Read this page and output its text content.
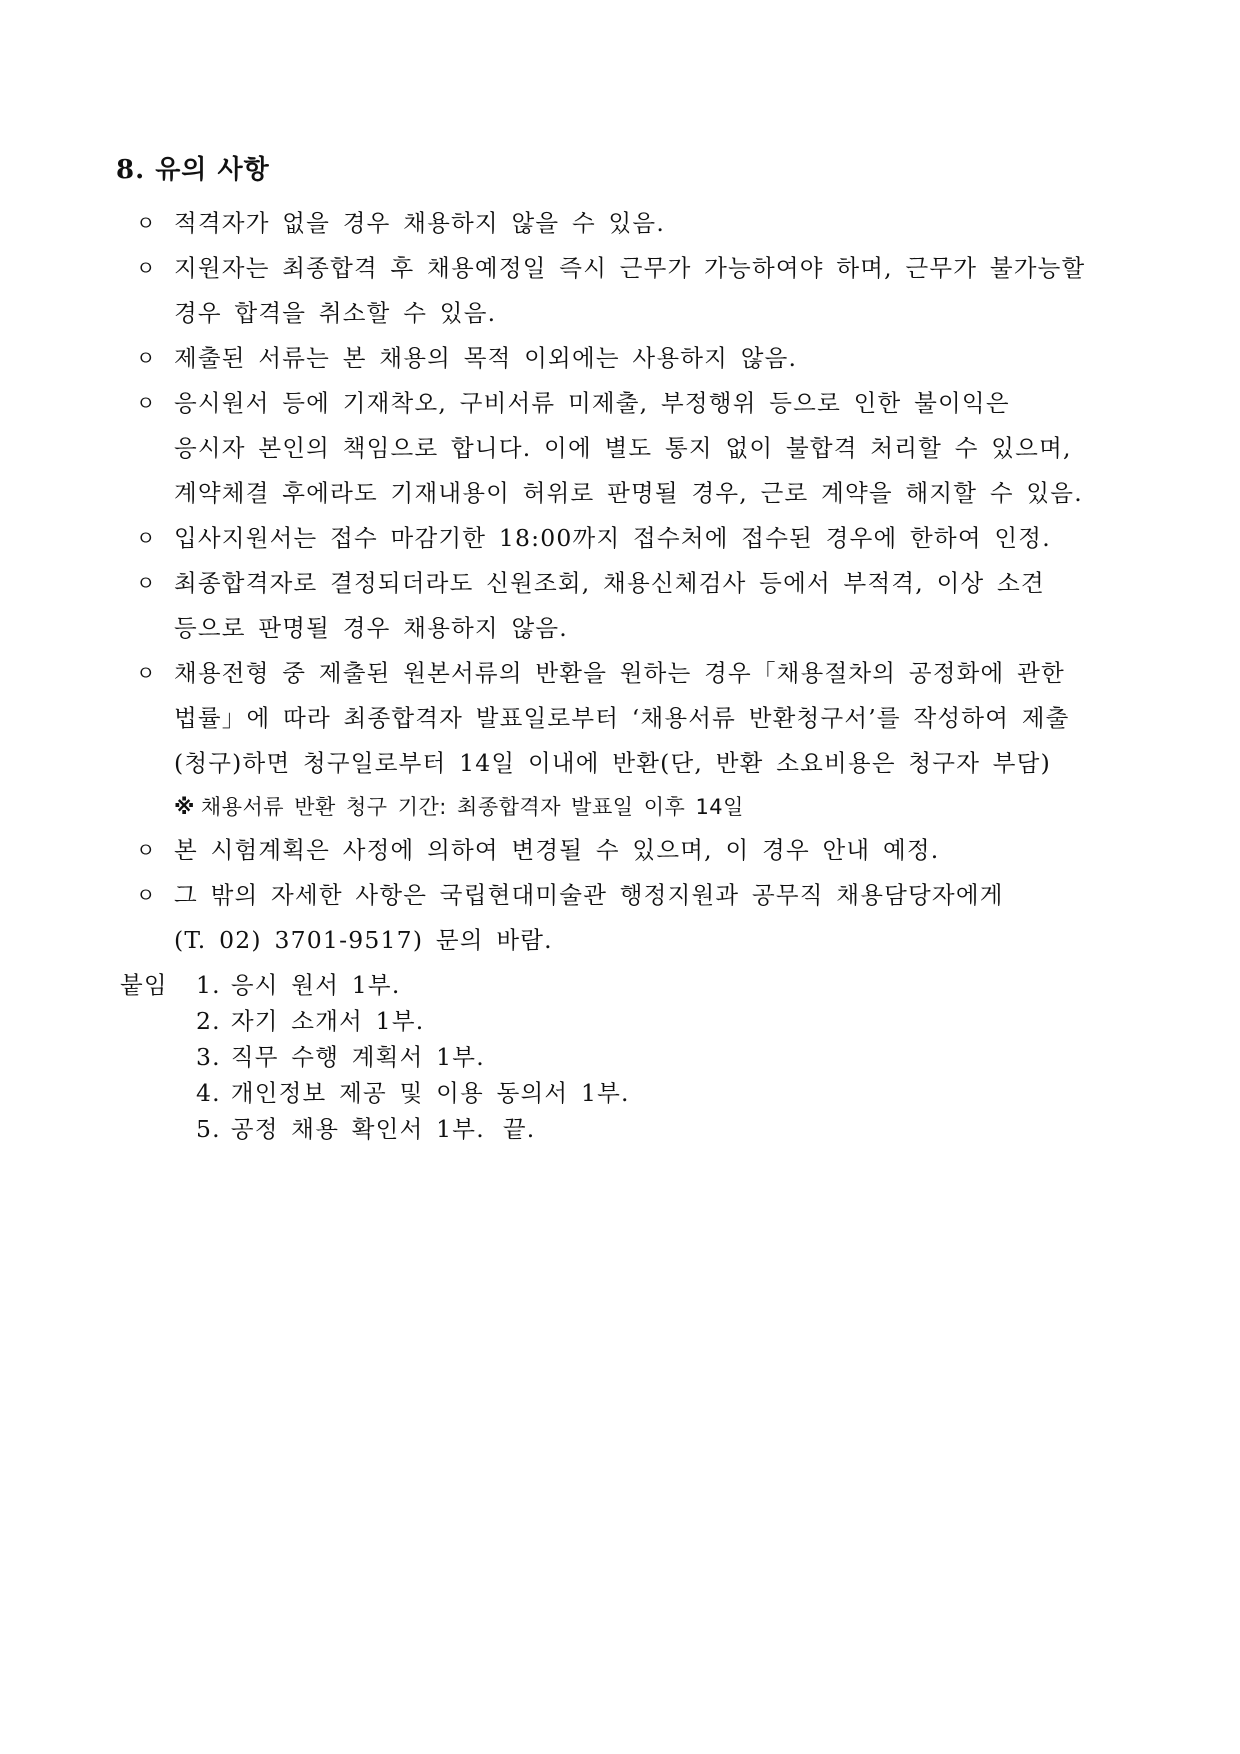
8. 유의 사항
ㅇ 적격자가 없을 경우 채용하지 않을 수 있음.
ㅇ 지원자는 최종합격 후 채용예정일 즉시 근무가 가능하여야 하며, 근무가 불가능할
경우 합격을 취소할 수 있음.
ㅇ 제출된 서류는 본 채용의 목적 이외에는 사용하지 않음.
ㅇ 응시원서 등에 기재착오, 구비서류 미제출, 부정행위 등으로 인한 불이익은
응시자 본인의 책임으로 합니다. 이에 별도 통지 없이 불합격 처리할 수 있으며,
계약체결 후에라도 기재내용이 허위로 판명될 경우, 근로 계약을 해지할 수 있음.
ㅇ 입사지원서는 접수 마감기한 18:00까지 접수처에 접수된 경우에 한하여 인정.
ㅇ 최종합격자로 결정되더라도 신원조회, 채용신체검사 등에서 부적격, 이상 소견
등으로 판명될 경우 채용하지 않음.
ㅇ 채용전형 중 제출된 원본서류의 반환을 원하는 경우「채용절차의 공정화에 관한
법률」에 따라 최종합격자 발표일로부터 ‘채용서류 반환청구서’를 작성하여 제출
(청구)하면 청구일로부터 14일 이내에 반환(단, 반환 소요비용은 청구자 부담)
※ 채용서류 반환 청구 기간: 최종합격자 발표일 이후 14일
ㅇ 본 시험계획은 사정에 의하여 변경될 수 있으며, 이 경우 안내 예정.
ㅇ 그 밖의 자세한 사항은 국립현대미술관 행정지원과 공무직 채용담당자에게
(T. 02) 3701-9517) 문의 바람.
붙임 1. 응시 원서 1부.
2. 자기 소개서 1부.
3. 직무 수행 계획서 1부.
4. 개인정보 제공 및 이용 동의서 1부.
5. 공정 채용 확인서 1부. 끝.
